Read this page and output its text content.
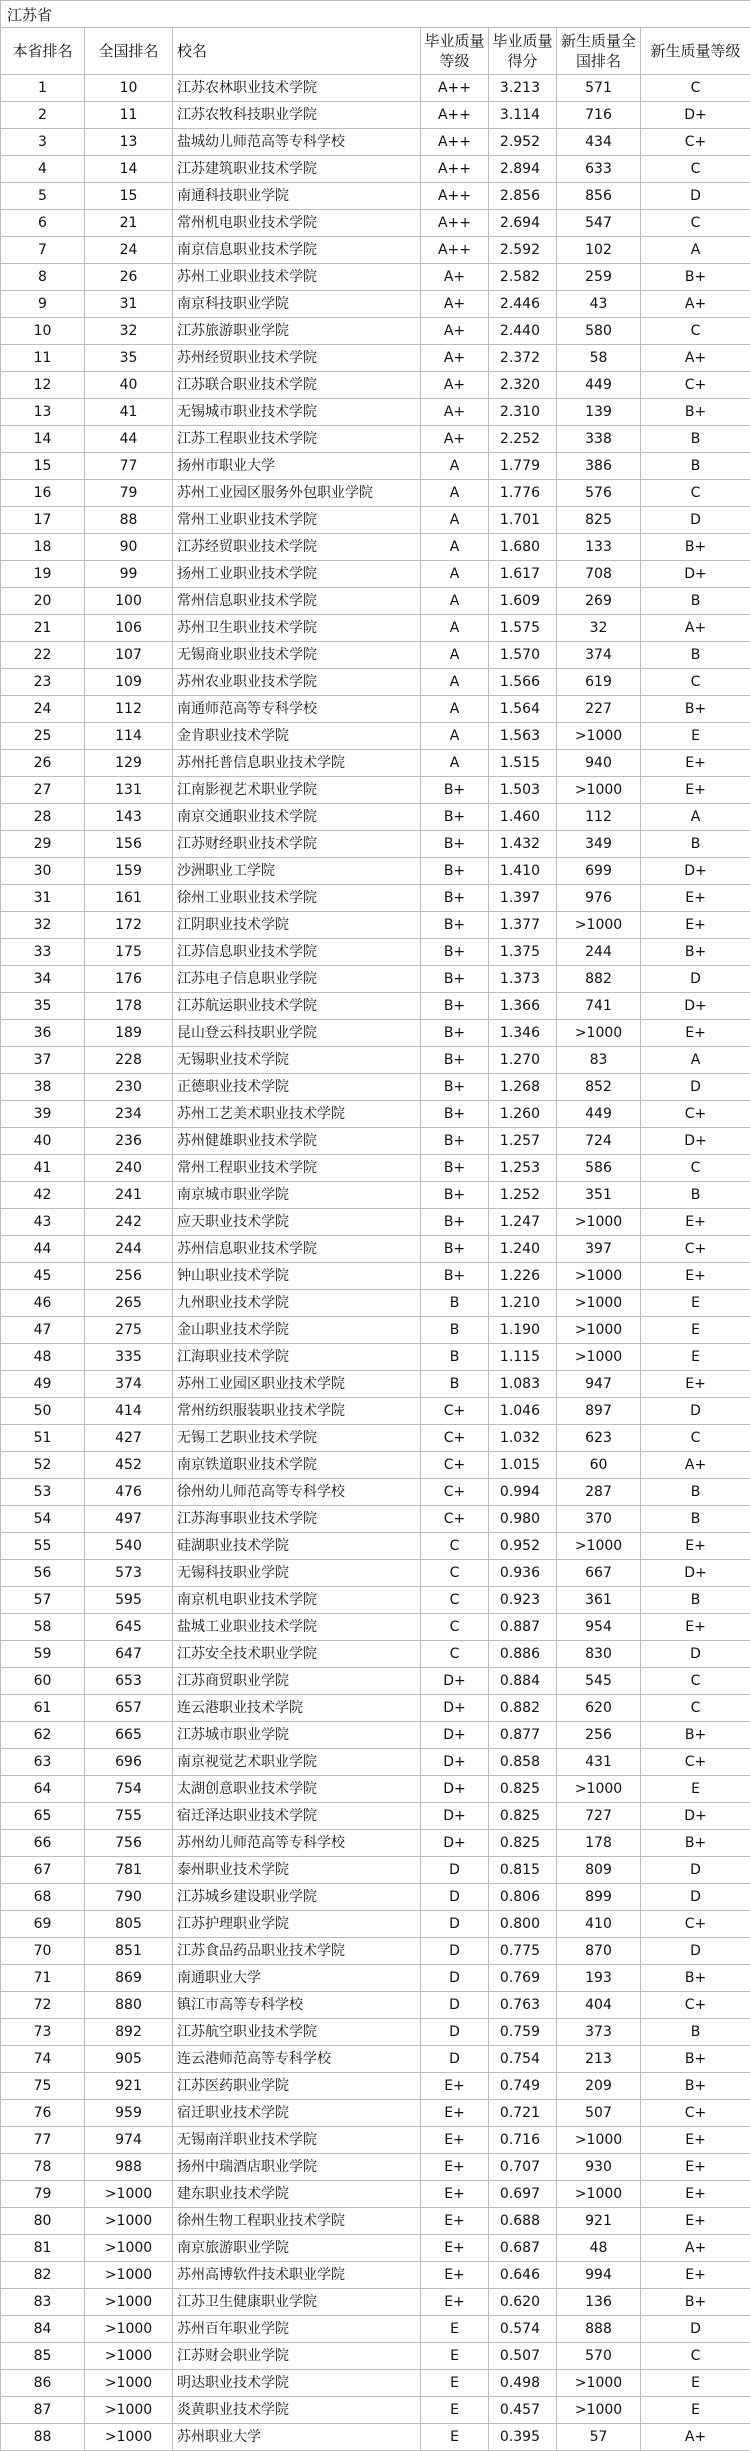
江苏省						
本省排名	全国排名	校名	毕业质量等级	毕业质量得分	新生质量全国排名	新生质量等级
1	10	江苏农林职业技术学院	A++	3.213	571	C
2	11	江苏农牧科技职业学院	A++	3.114	716	D+
3	13	盐城幼儿师范高等专科学校	A++	2.952	434	C+
4	14	江苏建筑职业技术学院	A++	2.894	633	C
5	15	南通科技职业学院	A++	2.856	856	D
6	21	常州机电职业技术学院	A++	2.694	547	C
7	24	南京信息职业技术学院	A++	2.592	102	A
8	26	苏州工业职业技术学院	A+	2.582	259	B+
9	31	南京科技职业学院	A+	2.446	43	A+
10	32	江苏旅游职业学院	A+	2.440	580	C
11	35	苏州经贸职业技术学院	A+	2.372	58	A+
12	40	江苏联合职业技术学院	A+	2.320	449	C+
13	41	无锡城市职业技术学院	A+	2.310	139	B+
14	44	江苏工程职业技术学院	A+	2.252	338	B
15	77	扬州市职业大学	A	1.779	386	B
16	79	苏州工业园区服务外包职业学院	A	1.776	576	C
17	88	常州工业职业技术学院	A	1.701	825	D
18	90	江苏经贸职业技术学院	A	1.680	133	B+
19	99	扬州工业职业技术学院	A	1.617	708	D+
20	100	常州信息职业技术学院	A	1.609	269	B
21	106	苏州卫生职业技术学院	A	1.575	32	A+
22	107	无锡商业职业技术学院	A	1.570	374	B
23	109	苏州农业职业技术学院	A	1.566	619	C
24	112	南通师范高等专科学校	A	1.564	227	B+
25	114	金肯职业技术学院	A	1.563	>1000	E
26	129	苏州托普信息职业技术学院	A	1.515	940	E+
27	131	江南影视艺术职业学院	B+	1.503	>1000	E+
28	143	南京交通职业技术学院	B+	1.460	112	A
29	156	江苏财经职业技术学院	B+	1.432	349	B
30	159	沙洲职业工学院	B+	1.410	699	D+
31	161	徐州工业职业技术学院	B+	1.397	976	E+
32	172	江阴职业技术学院	B+	1.377	>1000	E+
33	175	江苏信息职业技术学院	B+	1.375	244	B+
34	176	江苏电子信息职业学院	B+	1.373	882	D
35	178	江苏航运职业技术学院	B+	1.366	741	D+
36	189	昆山登云科技职业学院	B+	1.346	>1000	E+
37	228	无锡职业技术学院	B+	1.270	83	A
38	230	正德职业技术学院	B+	1.268	852	D
39	234	苏州工艺美术职业技术学院	B+	1.260	449	C+
40	236	苏州健雄职业技术学院	B+	1.257	724	D+
41	240	常州工程职业技术学院	B+	1.253	586	C
42	241	南京城市职业学院	B+	1.252	351	B
43	242	应天职业技术学院	B+	1.247	>1000	E+
44	244	苏州信息职业技术学院	B+	1.240	397	C+
45	256	钟山职业技术学院	B+	1.226	>1000	E+
46	265	九州职业技术学院	B	1.210	>1000	E
47	275	金山职业技术学院	B	1.190	>1000	E
48	335	江海职业技术学院	B	1.115	>1000	E
49	374	苏州工业园区职业技术学院	B	1.083	947	E+
50	414	常州纺织服装职业技术学院	C+	1.046	897	D
51	427	无锡工艺职业技术学院	C+	1.032	623	C
52	452	南京铁道职业技术学院	C+	1.015	60	A+
53	476	徐州幼儿师范高等专科学校	C+	0.994	287	B
54	497	江苏海事职业技术学院	C+	0.980	370	B
55	540	硅湖职业技术学院	C	0.952	>1000	E+
56	573	无锡科技职业学院	C	0.936	667	D+
57	595	南京机电职业技术学院	C	0.923	361	B
58	645	盐城工业职业技术学院	C	0.887	954	E+
59	647	江苏安全技术职业学院	C	0.886	830	D
60	653	江苏商贸职业学院	D+	0.884	545	C
61	657	连云港职业技术学院	D+	0.882	620	C
62	665	江苏城市职业学院	D+	0.877	256	B+
63	696	南京视觉艺术职业学院	D+	0.858	431	C+
64	754	太湖创意职业技术学院	D+	0.825	>1000	E
65	755	宿迁泽达职业技术学院	D+	0.825	727	D+
66	756	苏州幼儿师范高等专科学校	D+	0.825	178	B+
67	781	泰州职业技术学院	D	0.815	809	D
68	790	江苏城乡建设职业学院	D	0.806	899	D
69	805	江苏护理职业学院	D	0.800	410	C+
70	851	江苏食品药品职业技术学院	D	0.775	870	D
71	869	南通职业大学	D	0.769	193	B+
72	880	镇江市高等专科学校	D	0.763	404	C+
73	892	江苏航空职业技术学院	D	0.759	373	B
74	905	连云港师范高等专科学校	D	0.754	213	B+
75	921	江苏医药职业学院	E+	0.749	209	B+
76	959	宿迁职业技术学院	E+	0.721	507	C+
77	974	无锡南洋职业技术学院	E+	0.716	>1000	E+
78	988	扬州中瑞酒店职业学院	E+	0.707	930	E+
79	>1000	建东职业技术学院	E+	0.697	>1000	E+
80	>1000	徐州生物工程职业技术学院	E+	0.688	921	E+
81	>1000	南京旅游职业学院	E+	0.687	48	A+
82	>1000	苏州高博软件技术职业学院	E+	0.646	994	E+
83	>1000	江苏卫生健康职业学院	E+	0.620	136	B+
84	>1000	苏州百年职业学院	E	0.574	888	D
85	>1000	江苏财会职业学院	E	0.507	570	C
86	>1000	明达职业技术学院	E	0.498	>1000	E
87	>1000	炎黄职业技术学院	E	0.457	>1000	E
88	>1000	苏州职业大学	E	0.395	57	A+
